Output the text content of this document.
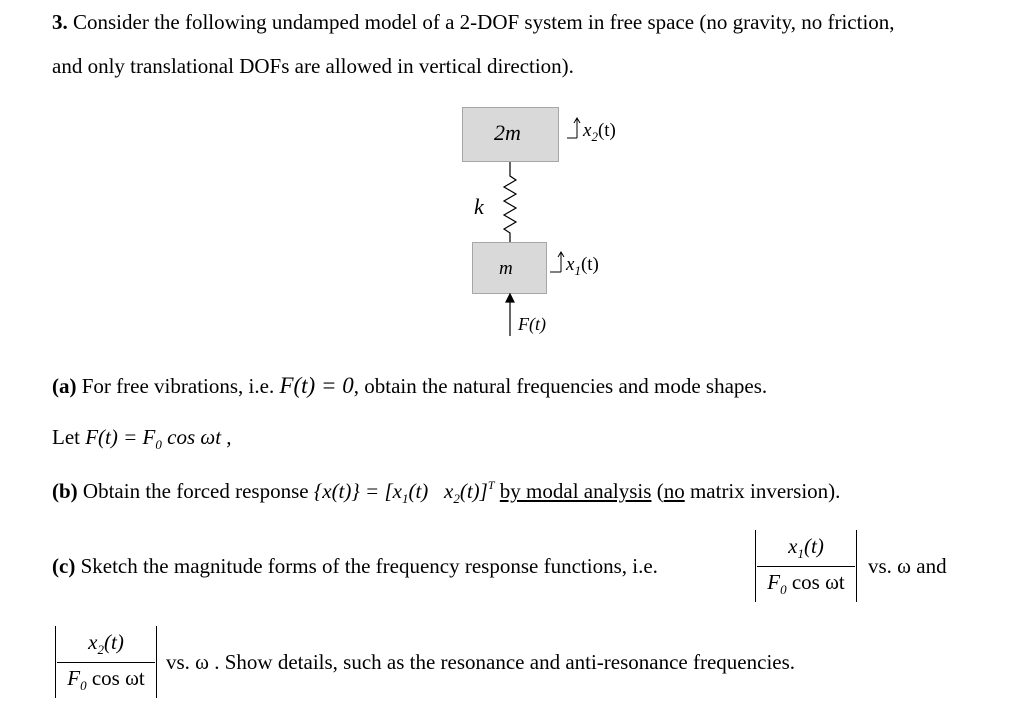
3. Consider the following undamped model of a 2-DOF system in free space (no gravity, no friction,
and only translational DOFs are allowed in vertical direction).
2m
m
k
$x_2(t)$
$x_1(t)$
F(t)
(a) For free vibrations, i.e. F(t) = 0, obtain the natural frequencies and mode shapes.
Let $F(t) = F_0$ cos ωt ,
(b) Obtain the forced response $\{x(t)\} = [x_1(t)$   $x_2(t)]^T$ by modal analysis (no matrix inversion).
(c) Sketch the magnitude forms of the frequency response functions, i.e.
$x_1(t)$
$F_0$ cos ωt
vs. ω and
$x_2(t)$
$F_0$ cos ωt
vs. ω . Show details, such as the resonance and anti-resonance frequencies.
